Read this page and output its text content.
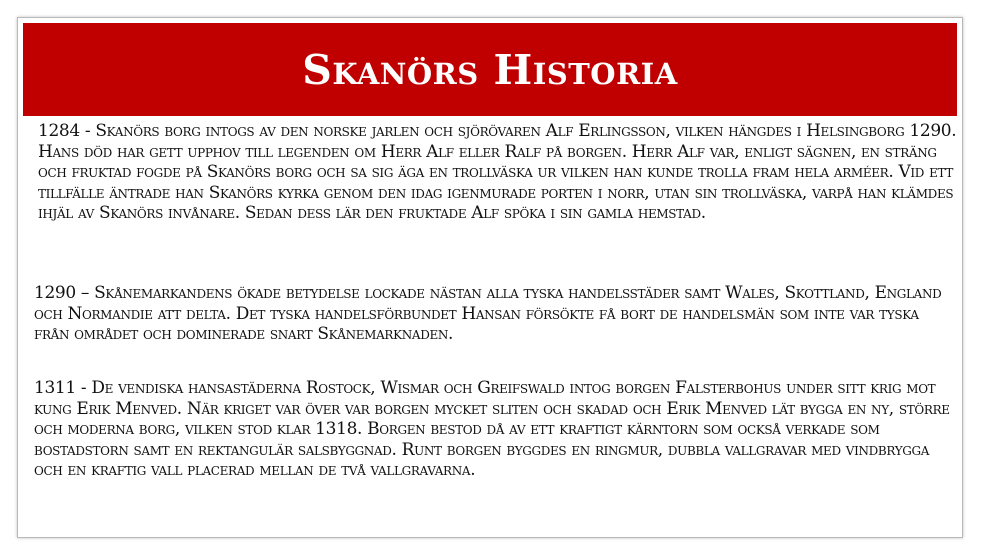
Skanörs Historia

1284 - Skanörs borg intogs av den norske jarlen och sjörövaren Alf Erlingsson, vilken hängdes i Helsingborg 1290. Hans död har gett upphov till legenden om Herr Alf eller Ralf på borgen. Herr Alf var, enligt sägnen, en sträng och fruktad fogde på Skanörs borg och sa sig äga en trollväska ur vilken han kunde trolla fram hela arméer. Vid ett tillfälle äntrade han Skanörs kyrka genom den idag igenmurade porten i norr, utan sin trollväska, varpå han klämdes ihjäl av Skanörs invånare. Sedan dess lär den fruktade Alf spöka i sin gamla hemstad.

1290 – Skånemarkandens ökade betydelse lockade nästan alla tyska handelsstäder samt Wales, Skottland, England och Normandie att delta. Det tyska handelsförbundet Hansan försökte få bort de handelsmän som inte var tyska från området och dominerade snart Skånemarknaden.

1311 - De vendiska hansastäderna Rostock, Wismar och Greifswald intog borgen Falsterbohus under sitt krig mot kung Erik Menved. När kriget var över var borgen mycket sliten och skadad och Erik Menved lät bygga en ny, större och moderna borg, vilken stod klar 1318. Borgen bestod då av ett kraftigt kärntorn som också verkade som bostadstorn samt en rektangulär salsbyggnad. Runt borgen byggdes en ringmur, dubbla vallgravar med vindbrygga och en kraftig vall placerad mellan de två vallgravarna.
